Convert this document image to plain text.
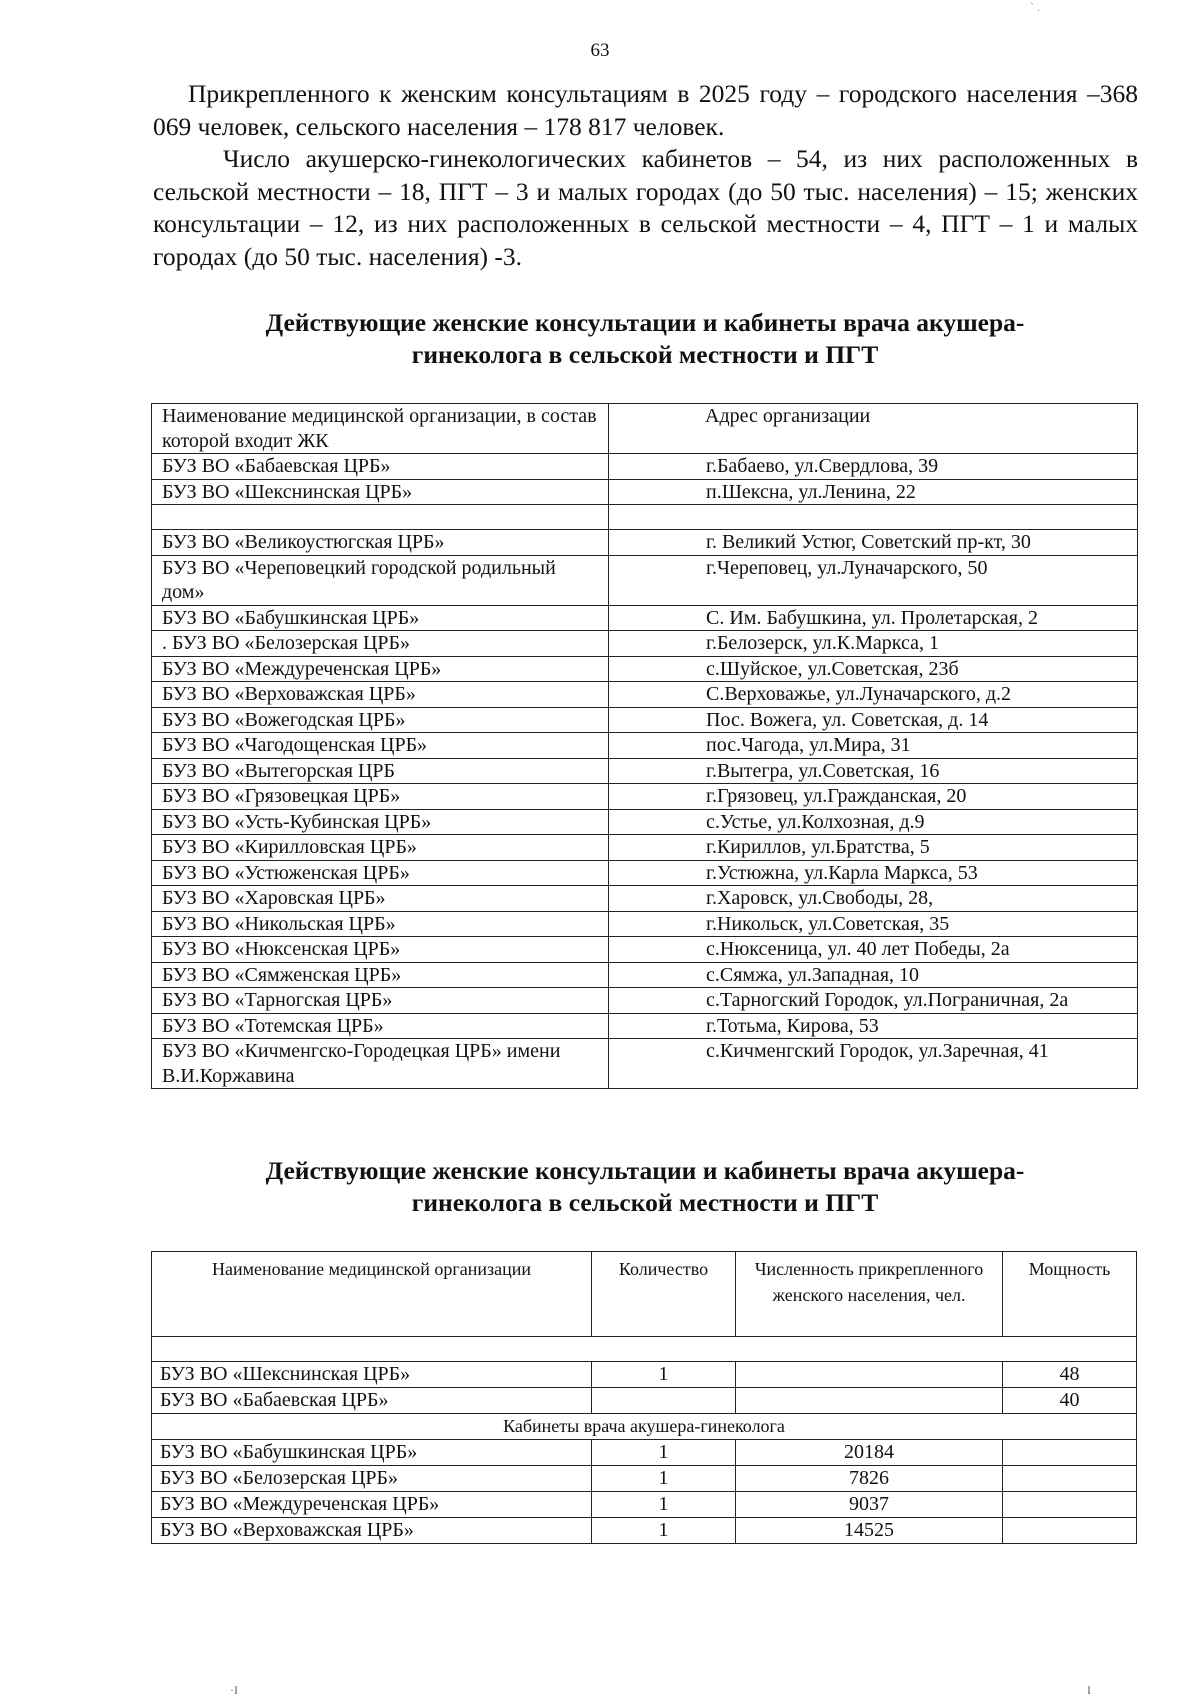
` .
63

Прикрепленного к женским консультациям в 2025 году – городского населения –368 069 человек, сельского населения – 178 817 человек.

Число акушерско-гинекологических кабинетов – 54, из них расположенных в сельской местности – 18, ПГТ – 3 и малых городах (до 50 тыс. населения) – 15; женских консультации – 12, из них расположенных в сельской местности – 4, ПГТ – 1 и малых городах (до 50 тыс. населения) -3.

Действующие женские консультации и кабинеты врача акушера-
гинеколога в сельской местности и ПГТ
Наименование медицинской организации, в состав которой входит ЖК	Адрес организации
БУЗ ВО «Бабаевская ЦРБ»	г.Бабаево, ул.Свердлова, 39
БУЗ ВО «Шекснинская ЦРБ»	п.Шексна, ул.Ленина, 22

БУЗ ВО «Великоустюгская ЦРБ»	г. Великий Устюг, Советский пр-кт, 30
БУЗ ВО «Череповецкий городской родильный дом»	г.Череповец, ул.Луначарского, 50
БУЗ ВО «Бабушкинская ЦРБ»	С. Им. Бабушкина, ул. Пролетарская, 2
. БУЗ ВО «Белозерская ЦРБ»	г.Белозерск, ул.К.Маркса, 1
БУЗ ВО «Междуреченская ЦРБ»	с.Шуйское, ул.Советская, 23б
БУЗ ВО «Верховажская ЦРБ»	С.Верховажье, ул.Луначарского, д.2
БУЗ ВО «Вожегодская ЦРБ»	Пос. Вожега, ул. Советская, д. 14
БУЗ ВО «Чагодощенская ЦРБ»	пос.Чагода, ул.Мира, 31
БУЗ ВО «Вытегорская ЦРБ	г.Вытегра, ул.Советская, 16
БУЗ ВО «Грязовецкая ЦРБ»	г.Грязовец, ул.Гражданская, 20
БУЗ ВО «Усть-Кубинская ЦРБ»	с.Устье, ул.Колхозная, д.9
БУЗ ВО «Кирилловская ЦРБ»	г.Кириллов, ул.Братства, 5
БУЗ ВО «Устюженская ЦРБ»	г.Устюжна, ул.Карла Маркса, 53
БУЗ ВО «Харовская ЦРБ»	г.Харовск, ул.Свободы, 28,
БУЗ ВО «Никольская ЦРБ»	г.Никольск, ул.Советская, 35
БУЗ ВО «Нюксенская ЦРБ»	с.Нюксеница, ул. 40 лет Победы, 2а
БУЗ ВО «Сямженская ЦРБ»	с.Сямжа, ул.Западная, 10
БУЗ ВО «Тарногская ЦРБ»	с.Тарногский Городок, ул.Пограничная, 2а
БУЗ ВО «Тотемская ЦРБ»	г.Тотьма, Кирова, 53
БУЗ ВО «Кичменгско-Городецкая ЦРБ» имени В.И.Коржавина	с.Кичменгский Городок, ул.Заречная, 41
Действующие женские консультации и кабинеты врача акушера-
гинеколога в сельской местности и ПГТ
Наименование медицинской организации	Количество	Численность прикрепленного женского населения, чел.	Мощность

БУЗ ВО «Шекснинская ЦРБ»	1		48
БУЗ ВО «Бабаевская ЦРБ»			40
Кабинеты врача акушера-гинеколога			
БУЗ ВО «Бабушкинская ЦРБ»	1	20184	
БУЗ ВО «Белозерская ЦРБ»	1	7826	
БУЗ ВО «Междуреченская ЦРБ»	1	9037	
БУЗ ВО «Верховажская ЦРБ»	1	14525	
·I	I
